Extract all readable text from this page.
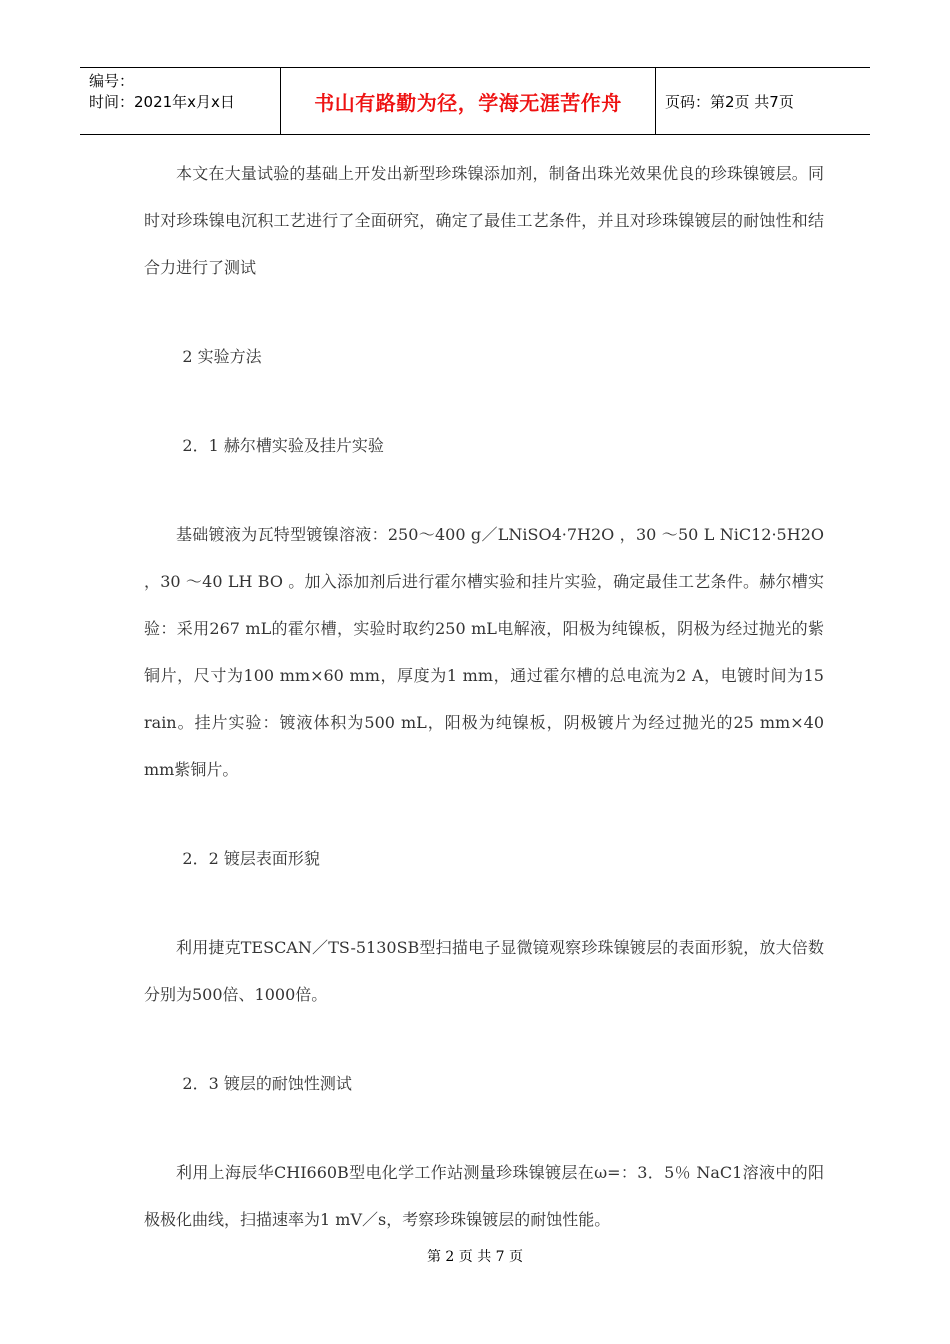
编号：
时间：2021年x月x日	书山有路勤为径，学海无涯苦作舟	页码：第2页 共7页

本文在大量试验的基础上开发出新型珍珠镍添加剂，制备出珠光效果优良的珍珠镍镀层。同时对珍珠镍电沉积工艺进行了全面研究，确定了最佳工艺条件，并且对珍珠镍镀层的耐蚀性和结合力进行了测试

2 实验方法

2．1 赫尔槽实验及挂片实验

基础镀液为瓦特型镀镍溶液：250～400 g／LNiSO4·7H2O ，30 ～50 L NiC12·5H2O ，30 ～40 LH BO 。加入添加剂后进行霍尔槽实验和挂片实验，确定最佳工艺条件。赫尔槽实验：采用267 mL的霍尔槽，实验时取约250 mL电解液，阳极为纯镍板，阴极为经过抛光的紫铜片，尺寸为100 mm×60 mm，厚度为1 mm，通过霍尔槽的总电流为2 A，电镀时间为15 rain。挂片实验：镀液体积为500 mL，阳极为纯镍板，阴极镀片为经过抛光的25 mm×40 mm紫铜片。

2．2 镀层表面形貌

利用捷克TESCAN／TS-5130SB型扫描电子显微镜观察珍珠镍镀层的表面形貌，放大倍数分别为500倍、1000倍。

2．3 镀层的耐蚀性测试

利用上海辰华CHI660B型电化学工作站测量珍珠镍镀层在ω=：3．5％ NaC1溶液中的阳极极化曲线，扫描速率为1 mV／s，考察珍珠镍镀层的耐蚀性能。

第 2 页 共 7 页
